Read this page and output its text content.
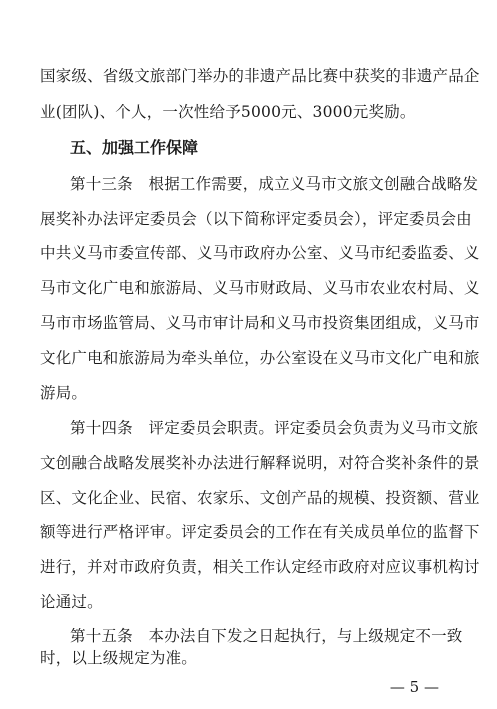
国家级、省级文旅部门举办的非遗产品比赛中获奖的非遗产品企
业(团队)、个人，一次性给予5000元、3000元奖励。
五、加强工作保障
第十三条　根据工作需要，成立义马市文旅文创融合战略发
展奖补办法评定委员会（以下简称评定委员会），评定委员会由
中共义马市委宣传部、义马市政府办公室、义马市纪委监委、义
马市文化广电和旅游局、义马市财政局、义马市农业农村局、义
马市市场监管局、义马市审计局和义马市投资集团组成，义马市
文化广电和旅游局为牵头单位，办公室设在义马市文化广电和旅
游局。
第十四条　评定委员会职责。评定委员会负责为义马市文旅
文创融合战略发展奖补办法进行解释说明，对符合奖补条件的景
区、文化企业、民宿、农家乐、文创产品的规模、投资额、营业
额等进行严格评审。评定委员会的工作在有关成员单位的监督下
进行，并对市政府负责，相关工作认定经市政府对应议事机构讨
论通过。
第十五条　本办法自下发之日起执行，与上级规定不一致
时，以上级规定为准。
— 5 —
